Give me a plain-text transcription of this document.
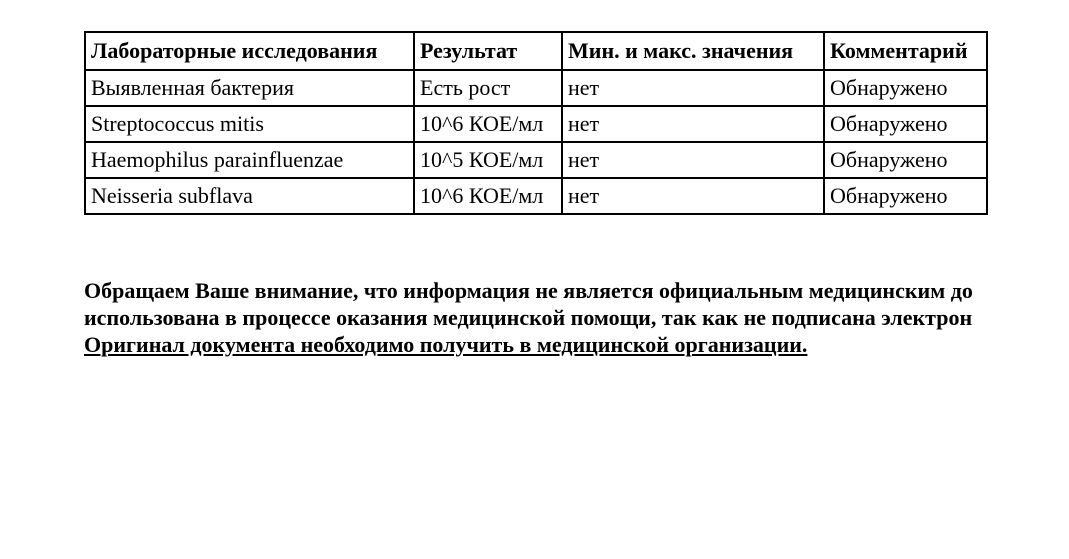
Лабораторные исследования	Результат	Мин. и макс. значения	Комментарий
Выявленная бактерия	Есть рост	нет	Обнаружено
Streptococcus mitis	10^6 КОЕ/мл	нет	Обнаружено
Haemophilus parainfluenzae	10^5 КОЕ/мл	нет	Обнаружено
Neisseria subflava	10^6 КОЕ/мл	нет	Обнаружено
Обращаем Ваше внимание, что информация не является официальным медицинским до
использована в процессе оказания медицинской помощи, так как не подписана электрон
Оригинал документа необходимо получить в медицинской организации.
